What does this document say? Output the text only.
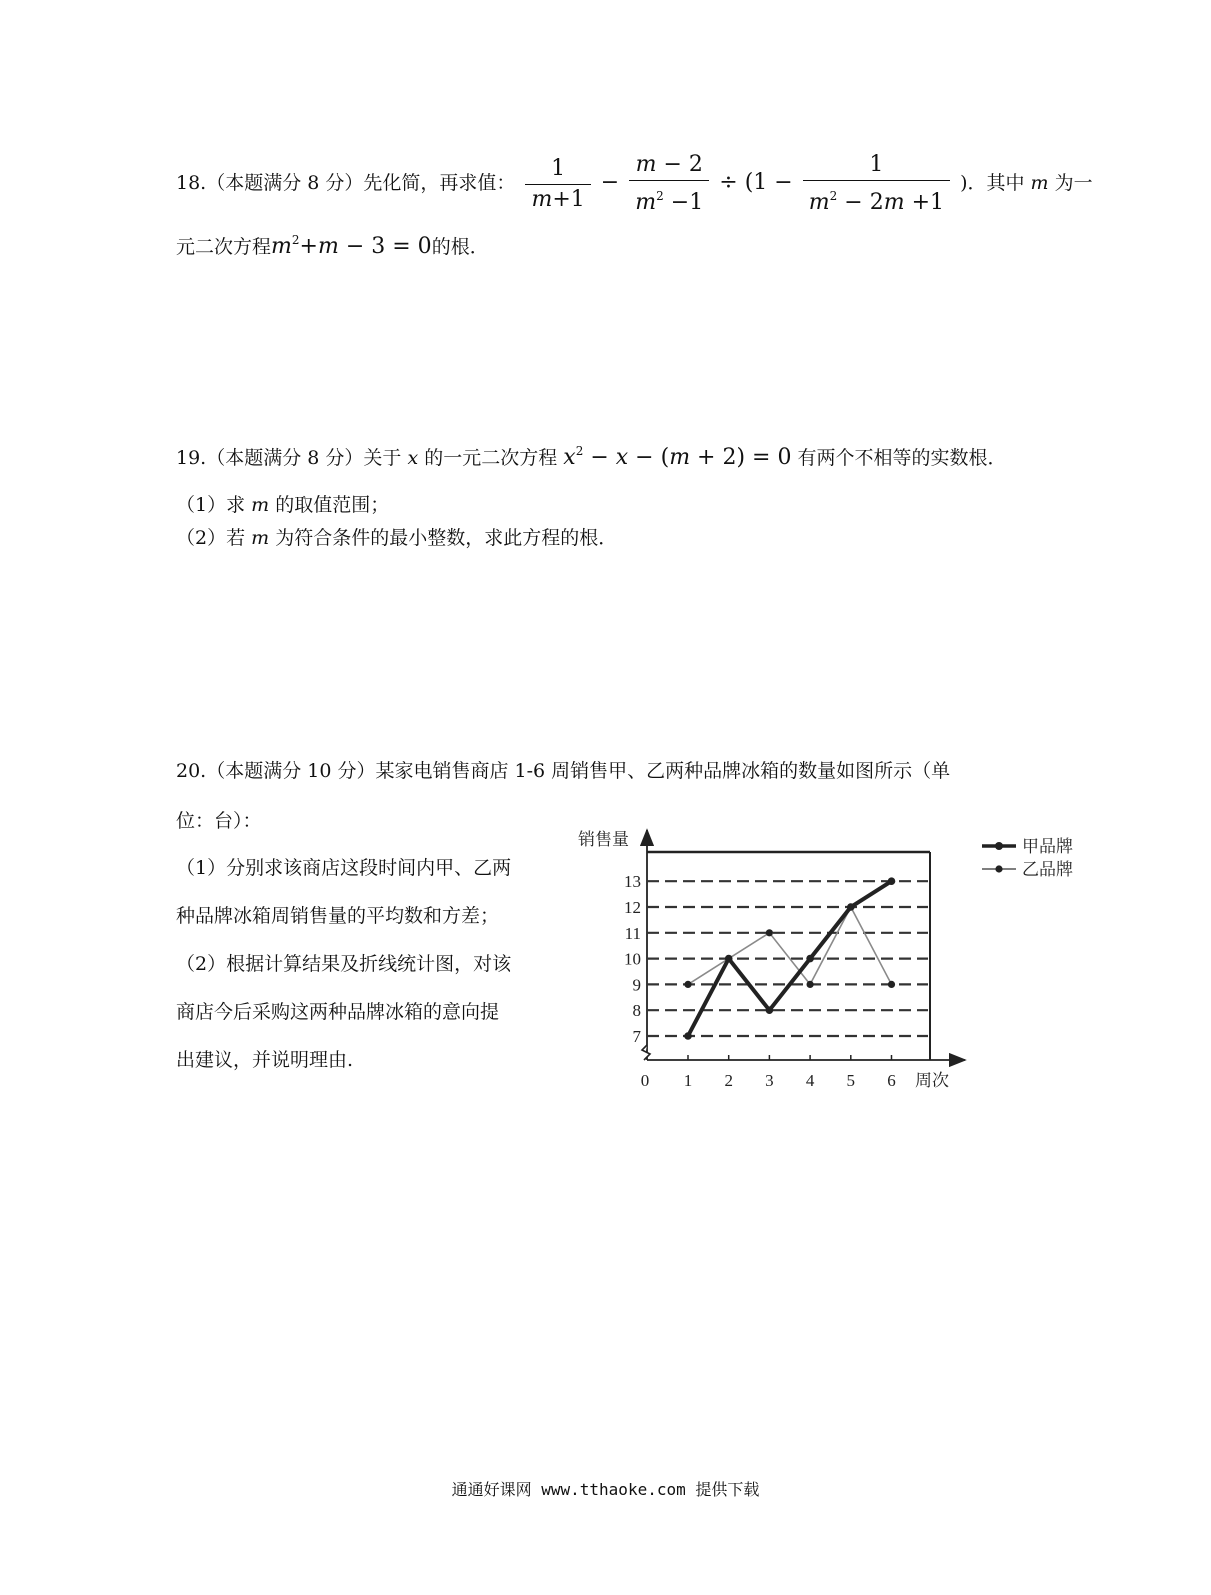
18.（本题满分 8 分）先化简，再求值： $\frac{1}{m+1} - \frac{m - 2}{m^2 -1} \div (1 - \frac{1}{m^2 - 2m +1}$ )．其中 m 为一
元二次方程$m^2+m - 3 = 0$的根．
19.（本题满分 8 分）关于 x 的一元二次方程 $x^2 - x - (m + 2) = 0$ 有两个不相等的实数根．
（1）求 m 的取值范围；
（2）若 m 为符合条件的最小整数，求此方程的根．
20.（本题满分 10 分）某家电销售商店 1-6 周销售甲、乙两种品牌冰箱的数量如图所示（单
位：台）：
（1）分别求该商店这段时间内甲、乙两
种品牌冰箱周销售量的平均数和方差；
（2）根据计算结果及折线统计图，对该
商店今后采购这两种品牌冰箱的意向提
出建议，并说明理由.
7
8
9
10
11
12
13
0 1 2 3 4 5 6
销售量
周次
甲品牌
乙品牌
通通好课网 www.tthaoke.com 提供下载
